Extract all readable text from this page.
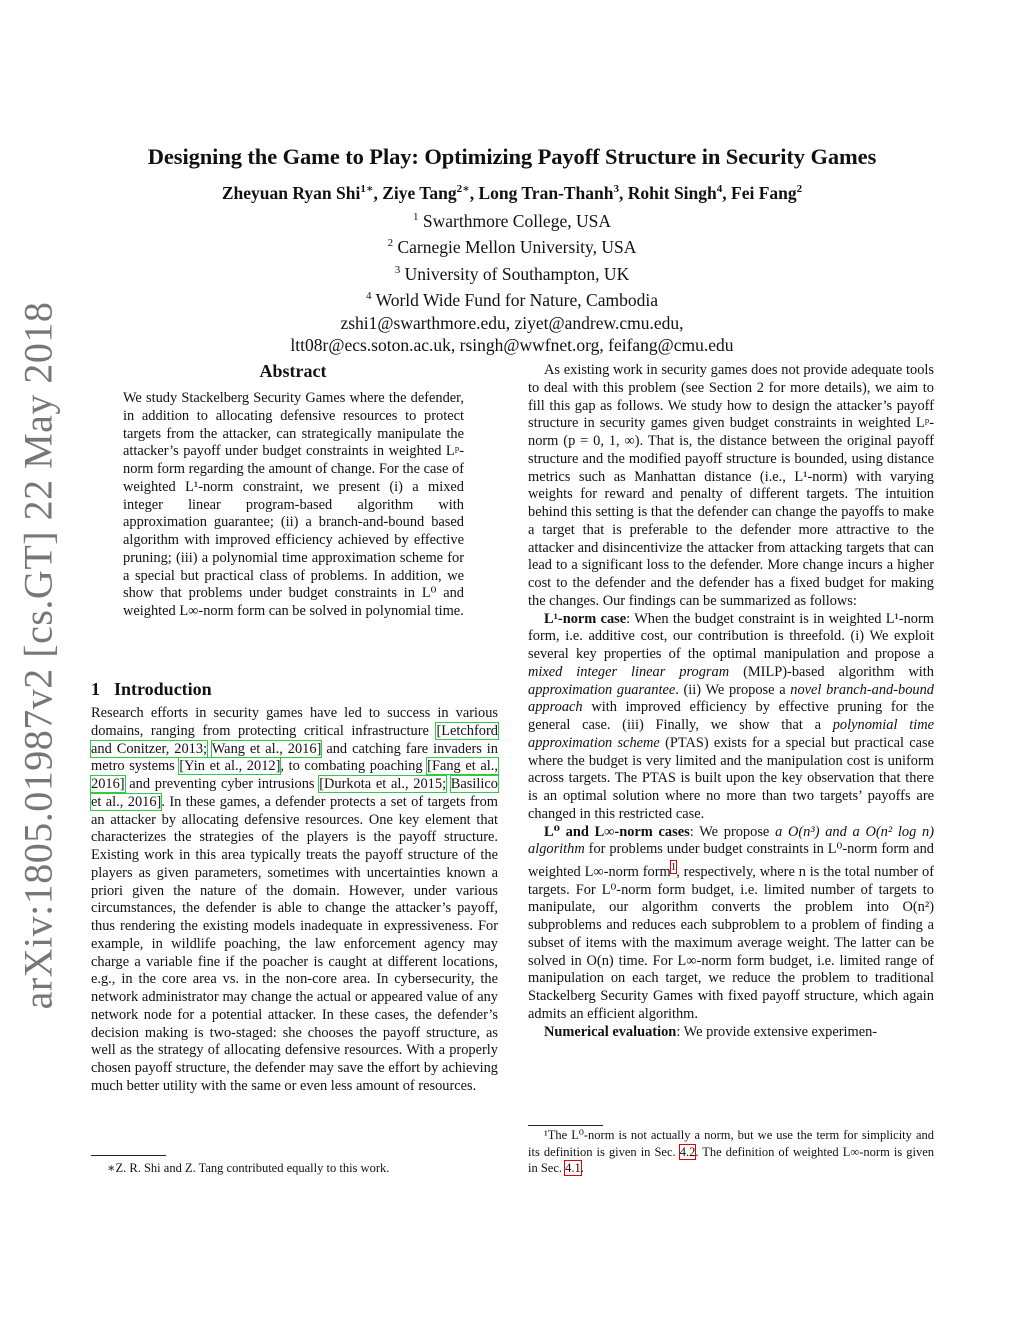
arXiv:1805.01987v2 [cs.GT] 22 May 2018
Designing the Game to Play: Optimizing Payoff Structure in Security Games
Zheyuan Ryan Shi$^{1∗}$, Ziye Tang$^{2∗}$, Long Tran-Thanh$^3$, Rohit Singh$^4$, Fei Fang$^2$
$^1$ Swarthmore College, USA
$^2$ Carnegie Mellon University, USA
$^3$ University of Southampton, UK
$^4$ World Wide Fund for Nature, Cambodia
zshi1@swarthmore.edu, ziyet@andrew.cmu.edu,
ltt08r@ecs.soton.ac.uk, rsingh@wwfnet.org, feifang@cmu.edu
Abstract
We study Stackelberg Security Games where the defender, in addition to allocating defensive resources to protect targets from the attacker, can strategically manipulate the attacker’s payoff under budget constraints in weighted Lᵖ-norm form regarding the amount of change. For the case of weighted L¹-norm constraint, we present (i) a mixed integer linear program-based algorithm with approximation guarantee; (ii) a branch-and-bound based algorithm with improved efficiency achieved by effective pruning; (iii) a polynomial time approximation scheme for a special but practical class of problems. In addition, we show that problems under budget constraints in L⁰ and weighted L∞-norm form can be solved in polynomial time.
1 Introduction

Research efforts in security games have led to success in various domains, ranging from protecting critical infrastructure [Letchford and Conitzer, 2013; Wang et al., 2016] and catching fare invaders in metro systems [Yin et al., 2012], to combating poaching [Fang et al., 2016] and preventing cyber intrusions [Durkota et al., 2015; Basilico et al., 2016]. In these games, a defender protects a set of targets from an attacker by allocating defensive resources. One key element that characterizes the strategies of the players is the payoff structure. Existing work in this area typically treats the payoff structure of the players as given parameters, sometimes with uncertainties known a priori given the nature of the domain. However, under various circumstances, the defender is able to change the attacker’s payoff, thus rendering the existing models inadequate in expressiveness. For example, in wildlife poaching, the law enforcement agency may charge a variable fine if the poacher is caught at different locations, e.g., in the core area vs. in the non-core area. In cybersecurity, the network administrator may change the actual or appeared value of any network node for a potential attacker. In these cases, the defender’s decision making is two-staged: she chooses the payoff structure, as well as the strategy of allocating defensive resources. With a properly chosen payoff structure, the defender may save the effort by achieving much better utility with the same or even less amount of resources.

∗Z. R. Shi and Z. Tang contributed equally to this work.

As existing work in security games does not provide adequate tools to deal with this problem (see Section 2 for more details), we aim to fill this gap as follows. We study how to design the attacker’s payoff structure in security games given budget constraints in weighted Lᵖ-norm (p = 0, 1, ∞). That is, the distance between the original payoff structure and the modified payoff structure is bounded, using distance metrics such as Manhattan distance (i.e., L¹-norm) with varying weights for reward and penalty of different targets. The intuition behind this setting is that the defender can change the payoffs to make a target that is preferable to the defender more attractive to the attacker and disincentivize the attacker from attacking targets that can lead to a significant loss to the defender. More change incurs a higher cost to the defender and the defender has a fixed budget for making the changes. Our findings can be summarized as follows:

L¹-norm case: When the budget constraint is in weighted L¹-norm form, i.e. additive cost, our contribution is threefold. (i) We exploit several key properties of the optimal manipulation and propose a mixed integer linear program (MILP)-based algorithm with approximation guarantee. (ii) We propose a novel branch-and-bound approach with improved efficiency by effective pruning for the general case. (iii) Finally, we show that a polynomial time approximation scheme (PTAS) exists for a special but practical case where the budget is very limited and the manipulation cost is uniform across targets. The PTAS is built upon the key observation that there is an optimal solution where no more than two targets’ payoffs are changed in this restricted case.

L⁰ and L∞-norm cases: We propose a O(n³) and a O(n² log n) algorithm for problems under budget constraints in L⁰-norm form and weighted L∞-norm form$^1$, respectively, where n is the total number of targets. For L⁰-norm form budget, i.e. limited number of targets to manipulate, our algorithm converts the problem into O(n²) subproblems and reduces each subproblem to a problem of finding a subset of items with the maximum average weight. The latter can be solved in O(n) time. For L∞-norm form budget, i.e. limited range of manipulation on each target, we reduce the problem to traditional Stackelberg Security Games with fixed payoff structure, which again admits an efficient algorithm.

Numerical evaluation: We provide extensive experimen-

¹The L⁰-norm is not actually a norm, but we use the term for simplicity and its definition is given in Sec. 4.2. The definition of weighted L∞-norm is given in Sec. 4.1.
